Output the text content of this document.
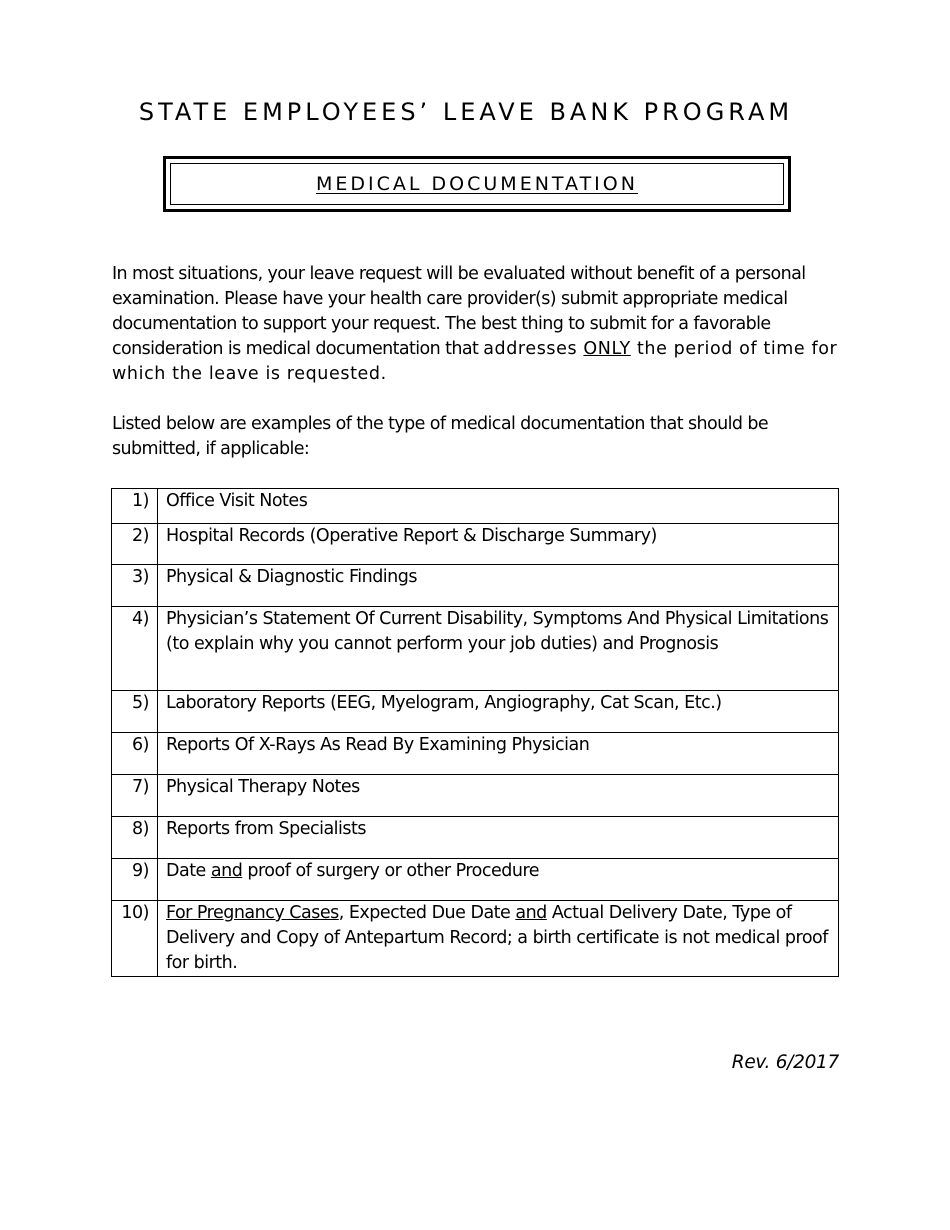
STATE EMPLOYEES’ LEAVE BANK PROGRAM
MEDICAL DOCUMENTATION

In most situations, your leave request will be evaluated without benefit of a personal examination. Please have your health care provider(s) submit appropriate medical documentation to support your request. The best thing to submit for a favorable consideration is medical documentation that addresses ONLY the period of time for which the leave is requested.

Listed below are examples of the type of medical documentation that should be submitted, if applicable:

1)	Office Visit Notes
2)	Hospital Records (Operative Report & Discharge Summary)
3)	Physical & Diagnostic Findings
4)	Physician’s Statement Of Current Disability, Symptoms And Physical Limitations (to explain why you cannot perform your job duties) and Prognosis
5)	Laboratory Reports (EEG, Myelogram, Angiography, Cat Scan, Etc.)
6)	Reports Of X-Rays As Read By Examining Physician
7)	Physical Therapy Notes
8)	Reports from Specialists
9)	Date and proof of surgery or other Procedure
10)	For Pregnancy Cases, Expected Due Date and Actual Delivery Date, Type of Delivery and Copy of Antepartum Record; a birth certificate is not medical proof for birth.
Rev. 6/2017
